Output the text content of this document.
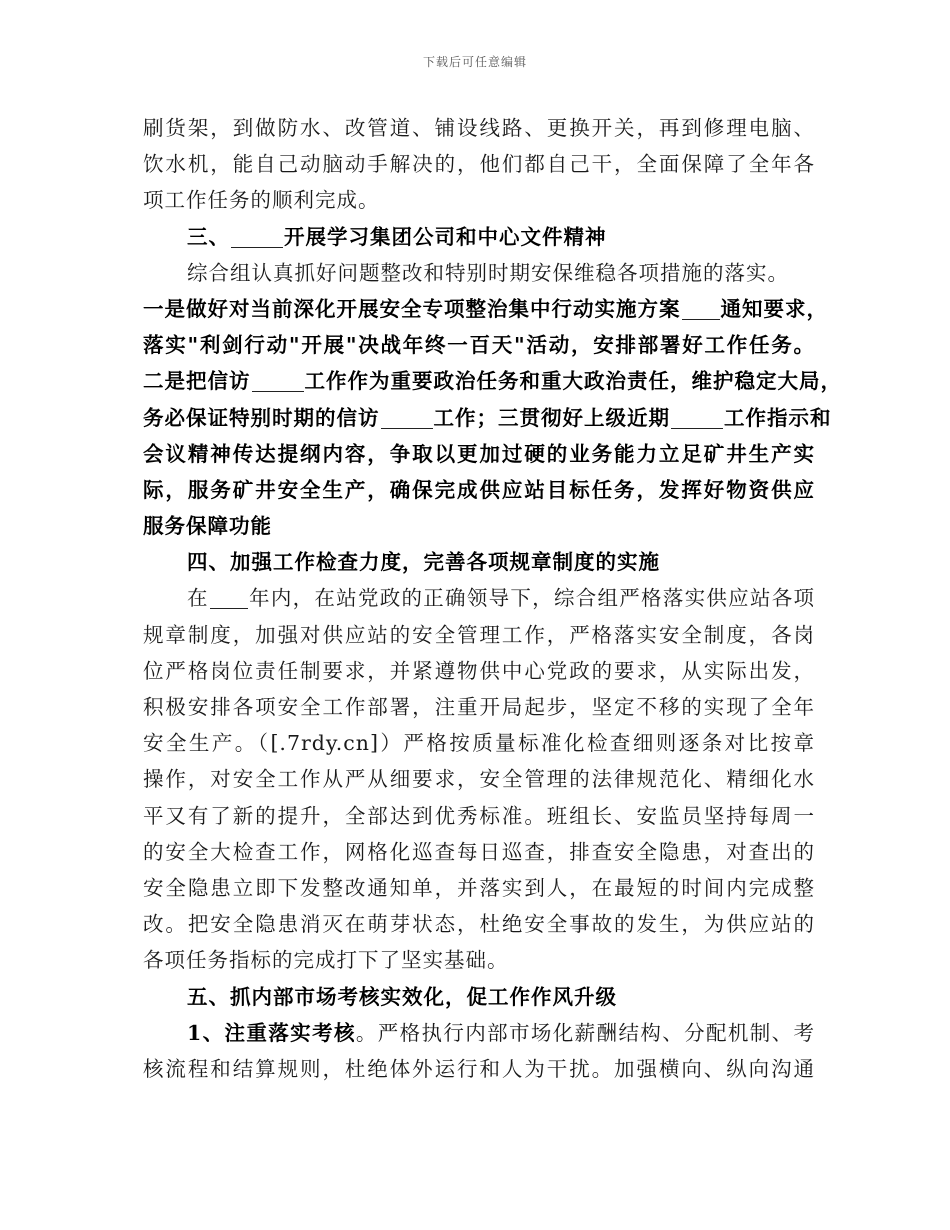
下载后可任意编辑
刷货架，到做防水、改管道、铺设线路、更换开关，再到修理电脑、
饮水机，能自己动脑动手解决的，他们都自己干，全面保障了全年各
项工作任务的顺利完成。
三、	开展学习集团公司和中心文件精神
综合组认真抓好问题整改和特别时期安保维稳各项措施的落实。
一是做好对当前深化开展安全专项整治集中行动实施方案 通知要求，
落实"利剑行动"开展"决战年终一百天"活动，安排部署好工作任务。
二是把信访	工作作为重要政治任务和重大政治责任，维护稳定大局，
务必保证特别时期的信访	工作；三贯彻好上级近期	工作指示和
会议精神传达提纲内容，争取以更加过硬的业务能力立足矿井生产实
际，服务矿井安全生产，确保完成供应站目标任务，发挥好物资供应
服务保障功能
四、加强工作检查力度，完善各项规章制度的实施
在 年内，在站党政的正确领导下，综合组严格落实供应站各项
规章制度，加强对供应站的安全管理工作，严格落实安全制度，各岗
位严格岗位责任制要求，并紧遵物供中心党政的要求，从实际出发，
积极安排各项安全工作部署，注重开局起步，坚定不移的实现了全年
安全生产。（[.7rdy.cn]）严格按质量标准化检查细则逐条对比按章
操作，对安全工作从严从细要求，安全管理的法律规范化、精细化水
平又有了新的提升，全部达到优秀标准。班组长、安监员坚持每周一
的安全大检查工作，网格化巡查每日巡查，排查安全隐患，对查出的
安全隐患立即下发整改通知单，并落实到人，在最短的时间内完成整
改。把安全隐患消灭在萌芽状态，杜绝安全事故的发生，为供应站的
各项任务指标的完成打下了坚实基础。
五、抓内部市场考核实效化，促工作作风升级
1、注重落实考核。严格执行内部市场化薪酬结构、分配机制、考
核流程和结算规则，杜绝体外运行和人为干扰。加强横向、纵向沟通
